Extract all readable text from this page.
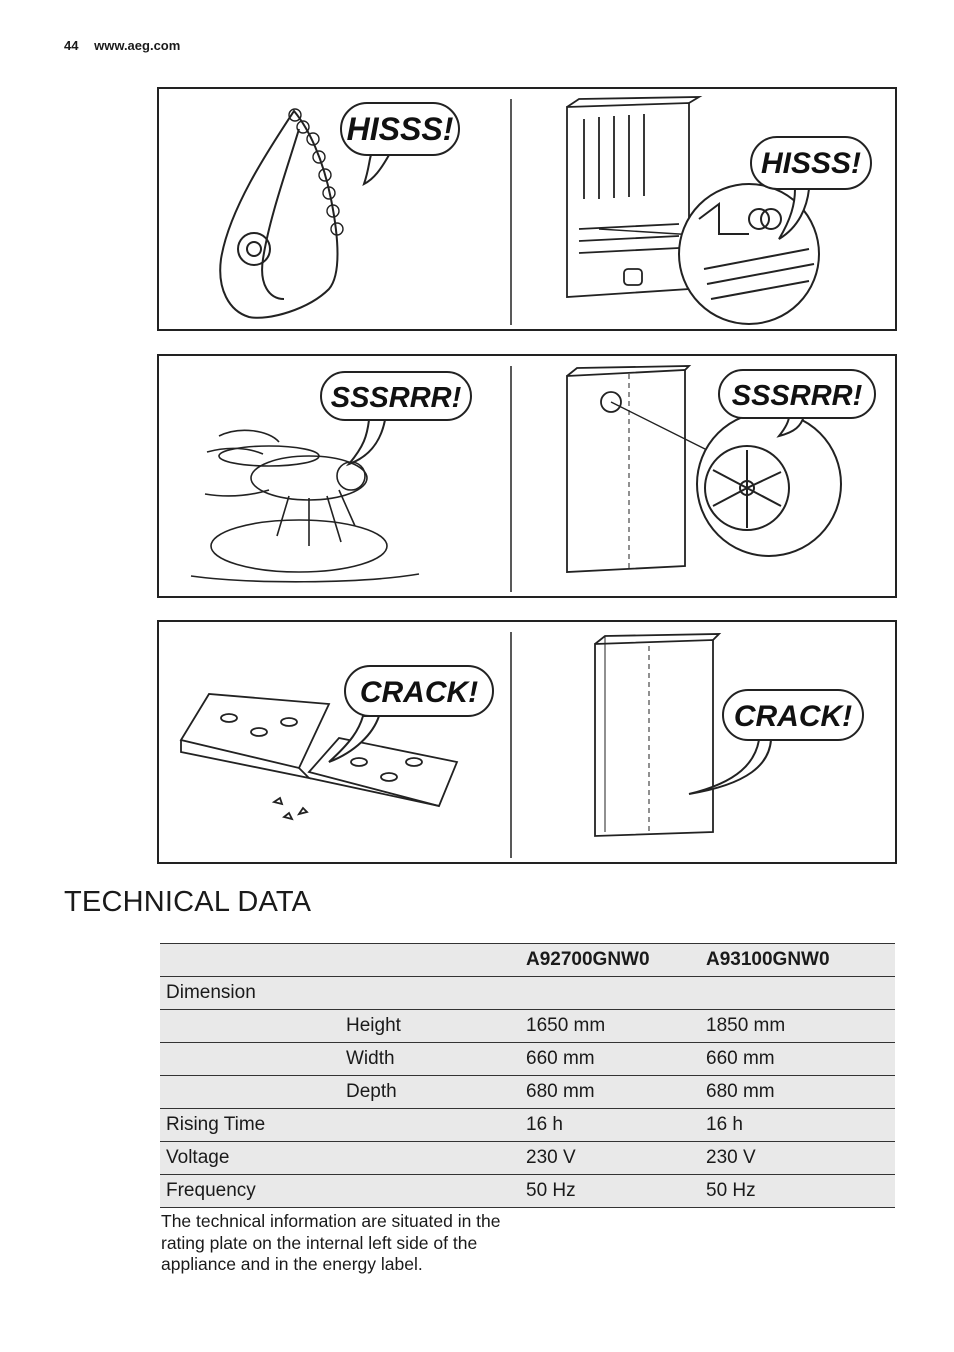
44 www.aeg.com
HISSS!
HISSS!
SSSRRR!	SSSRRR!
CRACK!
CRACK!
TECHNICAL DATA
		A92700GNW0	A93100GNW0
Dimension			
	Height	1650 mm	1850 mm
	Width	660 mm	660 mm
	Depth	680 mm	680 mm
Rising Time		16 h	16 h
Voltage		230 V	230 V
Frequency		50 Hz	50 Hz
The technical information are situated in the rating plate on the internal left side of the appliance and in the energy label.
